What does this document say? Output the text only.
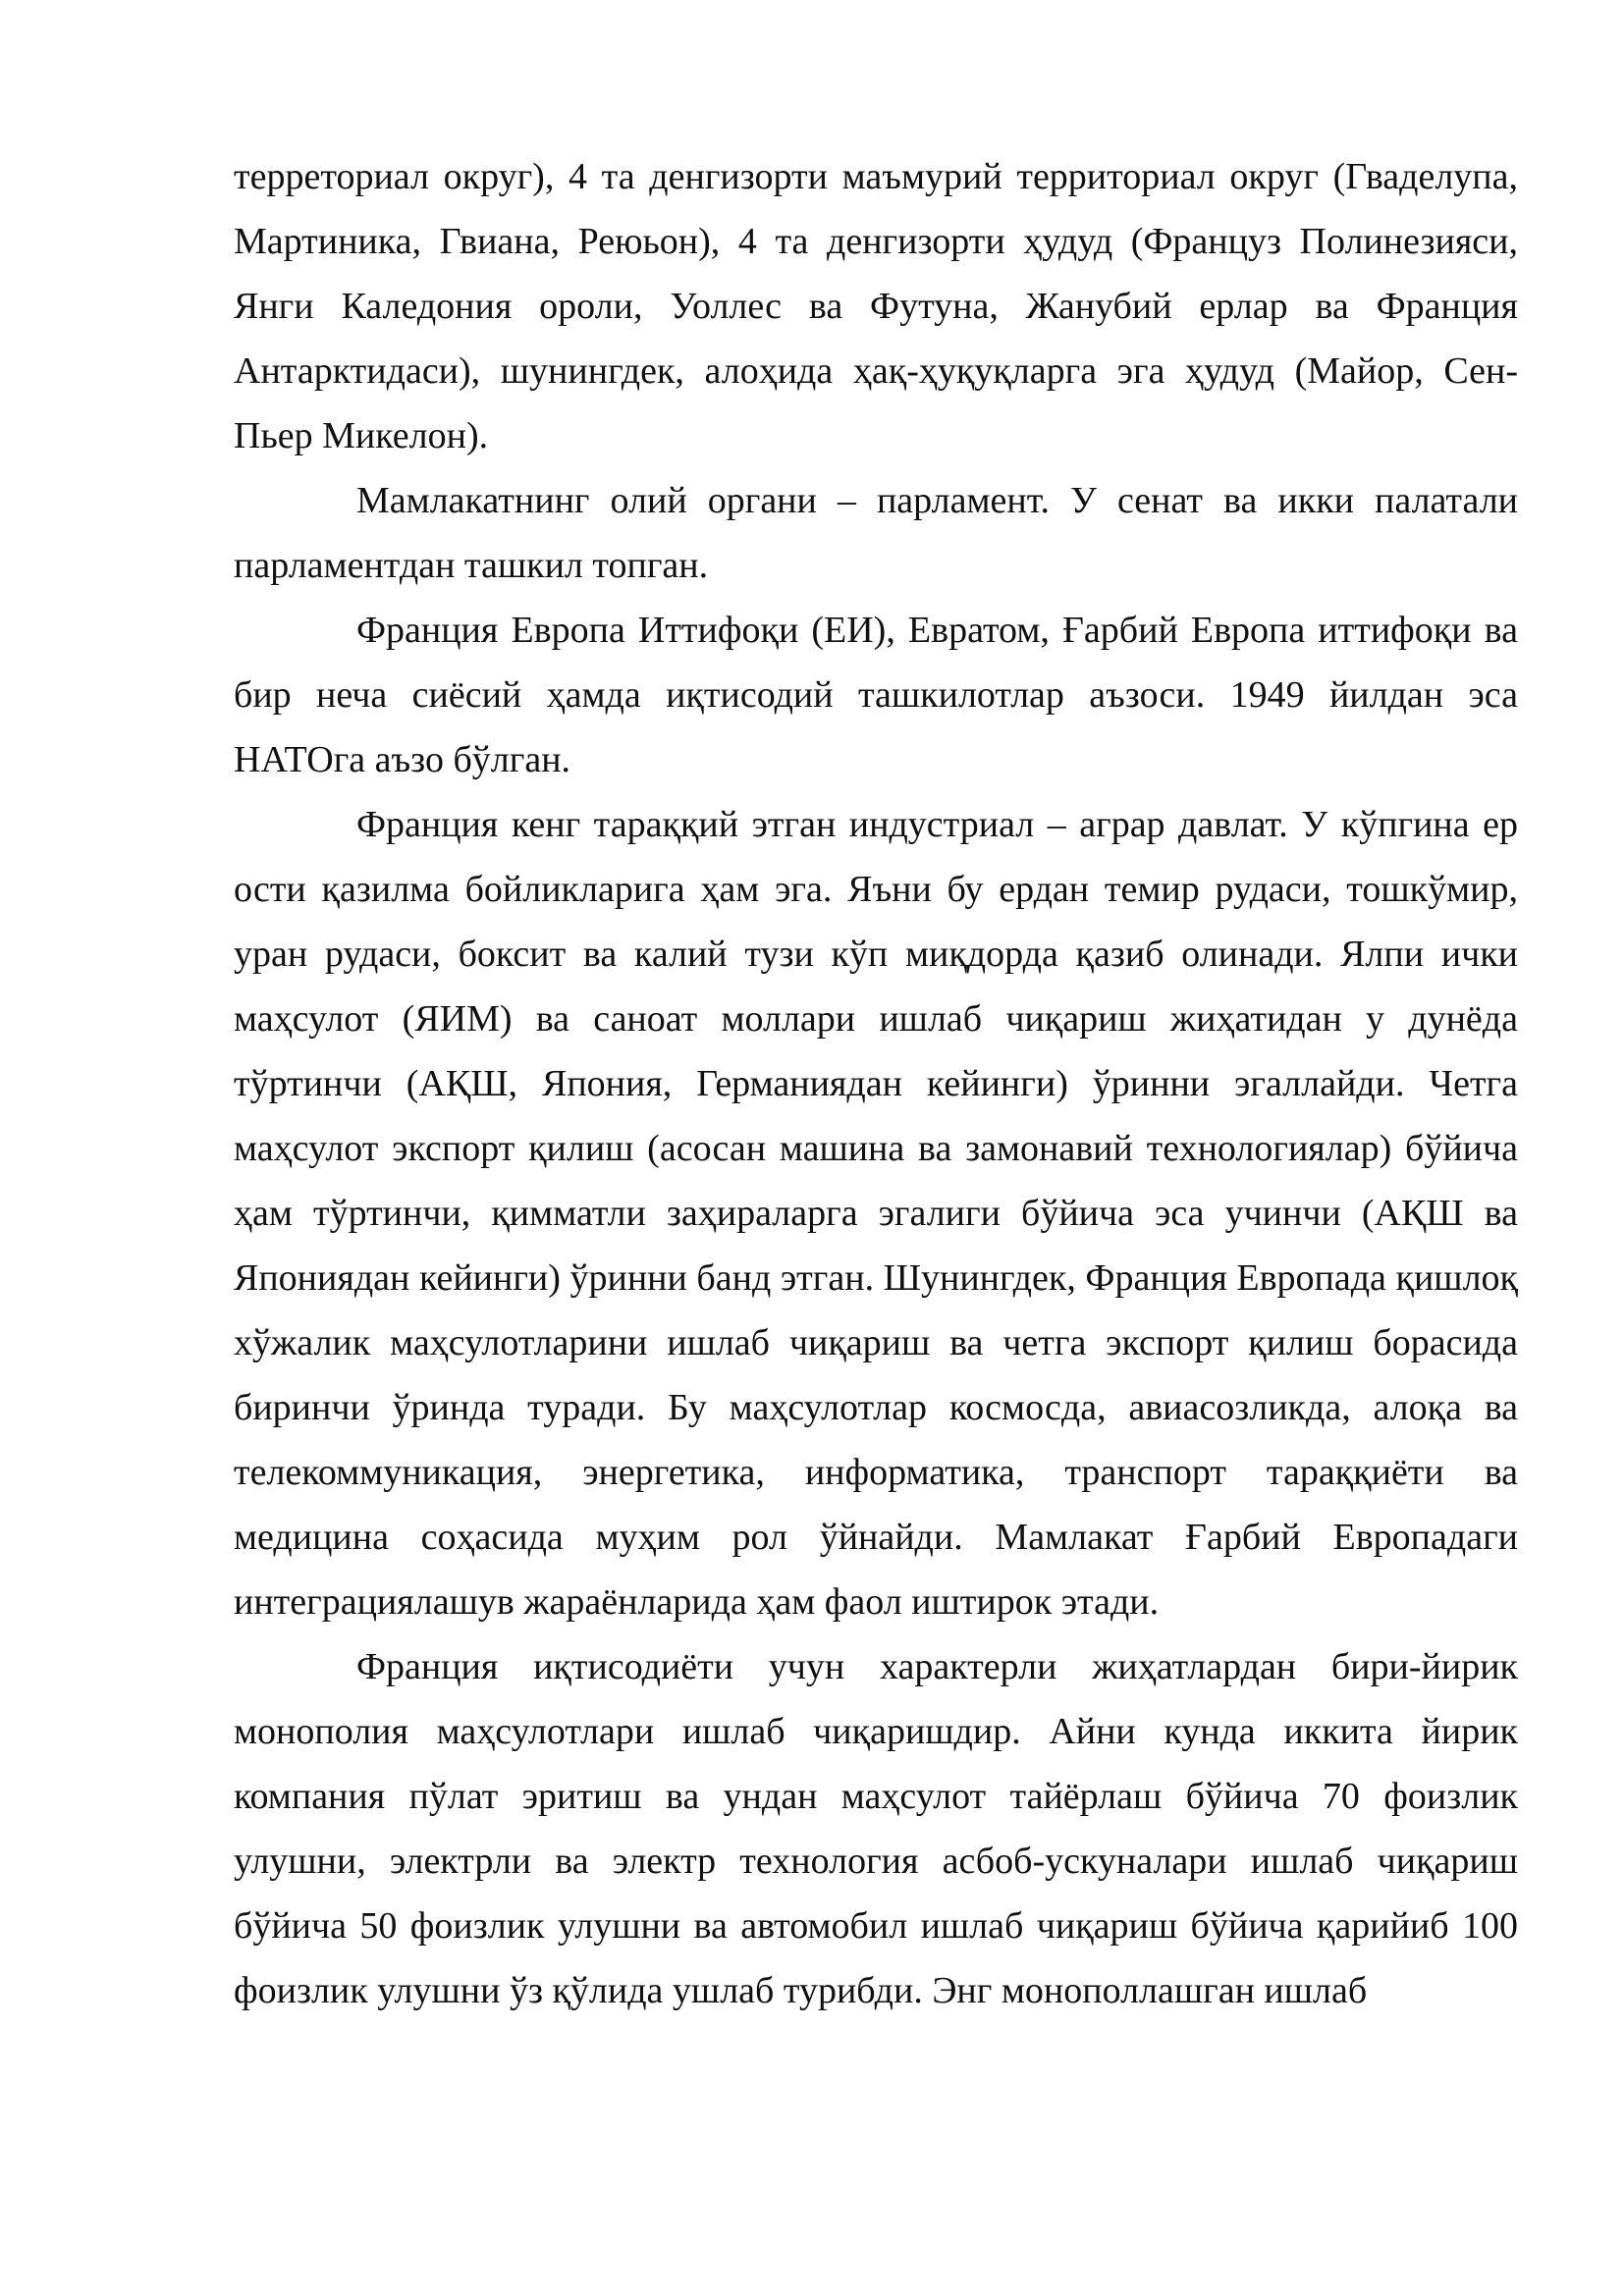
терреториал округ), 4 та денгизорти маъмурий территориал округ (Гваделупа, Мартиника, Гвиана, Реюьон), 4 та денгизорти ҳудуд (Француз Полинезияси, Янги Каледония ороли, Уоллес ва Футуна, Жанубий ерлар ва Франция Антарктидаси), шунингдек, алоҳида ҳақ-ҳуқуқларга эга ҳудуд (Майор, Сен-Пьер Микелон).

Мамлакатнинг олий органи – парламент. У сенат ва икки палатали парламентдан ташкил топган.

Франция Европа Иттифоқи (ЕИ), Евратом, Ғарбий Европа иттифоқи ва бир неча сиёсий ҳамда иқтисодий ташкилотлар аъзоси. 1949 йилдан эса НАТОга аъзо бўлган.

Франция кенг тараққий этган индустриал – аграр давлат. У кўпгина ер ости қазилма бойликларига ҳам эга. Яъни бу ердан темир рудаси, тошкўмир, уран рудаси, боксит ва калий тузи кўп миқдорда қазиб олинади. Ялпи ички маҳсулот (ЯИМ) ва саноат моллари ишлаб чиқариш жиҳатидан у дунёда тўртинчи (АҚШ, Япония, Германиядан кейинги) ўринни эгаллайди. Четга маҳсулот экспорт қилиш (асосан машина ва замонавий технологиялар) бўйича ҳам тўртинчи, қимматли заҳираларга эгалиги бўйича эса учинчи (АҚШ ва Япониядан кейинги) ўринни банд этган. Шунингдек, Франция Европада қишлоқ хўжалик маҳсулотларини ишлаб чиқариш ва четга экспорт қилиш борасида биринчи ўринда туради. Бу маҳсулотлар космосда, авиасозликда, алоқа ва телекоммуникация, энергетика, информатика, транспорт тараққиёти ва медицина соҳасида муҳим рол ўйнайди. Мамлакат Ғарбий Европадаги интеграциялашув жараёнларида ҳам фаол иштирок этади.

Франция иқтисодиёти учун характерли жиҳатлардан бири-йирик монополия маҳсулотлари ишлаб чиқаришдир. Айни кунда иккита йирик компания пўлат эритиш ва ундан маҳсулот тайёрлаш бўйича 70 фоизлик улушни, электрли ва электр технология асбоб-ускуналари ишлаб чиқариш бўйича 50 фоизлик улушни ва автомобил ишлаб чиқариш бўйича қарийиб 100 фоизлик улушни ўз қўлида ушлаб турибди. Энг монополлашган ишлаб
